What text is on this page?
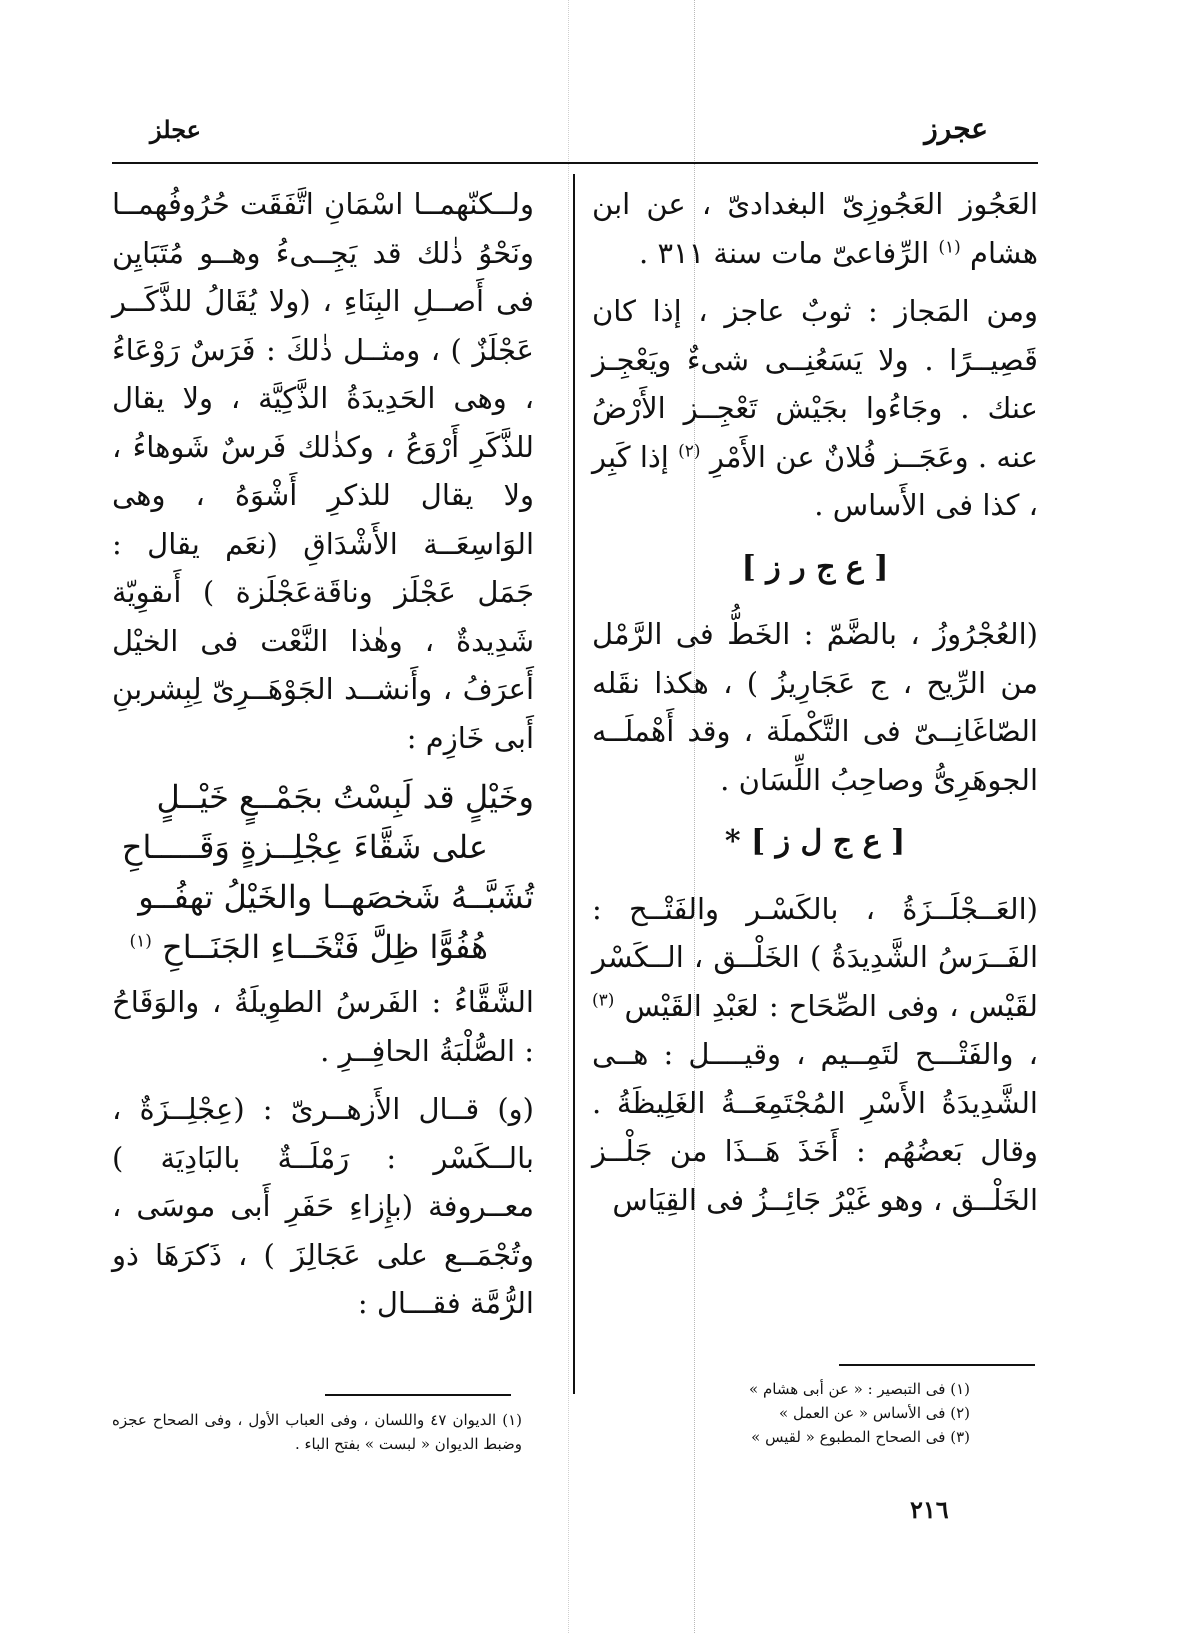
عجرز
عجلز

العَجُوز العَجُوزِىّ البغدادىّ ، عن ابن هشام $^{(١)}$ الرِّفاعىّ مات سنة ٣١١ .

ومن المَجاز : ثوبٌ عاجز ، إذا كان قَصِيــرًا . ولا يَسَعُنِــى شىءٌ ويَعْجِـز عنك . وجَاءُوا بجَيْش تَعْجِــز الأَرْضُ عنه . وعَجَــز فُلانٌ عن الأَمْرِ $^{(٢)}$ إذا كَبِر ، كذا فى الأَساس .

[ ع ج ر ز ]

(العُجْرُوزُ ، بالضَّمّ : الخَطُّ فى الرَّمْل من الرِّيح ، ج عَجَارِيزُ ) ، هكذا نقَله الصّاغَانِــىّ فى التَّكْملَة ، وقد أَهْملَــه الجوهَرِىُّ وصاحِبُ اللِّسَان .

[ ع ج ل ز ] *

(العَــجْلَــزَةُ ، بالكَسْـر والفَتْــح : الفَــرَسُ الشَّدِيدَةُ ) الخَلْــق ، الــكَسْر لقَيْس ، وفى الصِّحَاح : لعَبْدِ القَيْس $^{(٣)}$ ، والفَتْـــح لتَمِــيم ، وقيــــل : هــى الشَّدِيدَةُ الأَسْرِ المُجْتَمِعَــةُ الغَلِيظَةُ . وقال بَعضُهُم : أَخَذَ هَــذَا من جَلْــز الخَلْــق ، وهو غَيْرُ جَائِــزُ فى القِيَاس

ولــكنّهمــا اسْمَانِ اتَّفَقَت حُرُوفُهمــا ونَحْوُ ذٰلك قد يَجِــىءُ وهــو مُتَبَايِن فى أَصــلِ البِنَاءِ ، (ولا يُقَالُ للذَّكَــر عَجْلَزٌ ) ، ومثــل ذٰلكَ : فَرَسٌ رَوْعَاءُ ، وهى الحَدِيدَةُ الذَّكِيَّة ، ولا يقال للذَّكَرِ أَرْوَعُ ، وكذٰلك فَرسٌ شَوهاءُ ، ولا يقال للذكرِ أَشْوَهُ ، وهى الوَاسِعَــة الأَشْدَاقِ (نعَم يقال : جَمَل عَجْلَز وناقَةعَجْلَزة ) أَىقوِيّة شَدِيدةٌ ، وهٰذا النَّعْت فى الخيْل أَعرَفُ ، وأَنشــد الجَوْهَــرِىّ لِبِشربنِ أَبى خَازِم :

وخَيْلٍ قد لَبِسْتُ بجَمْــعٍ خَيْــلٍ

على شَقَّاءَ عِجْلِــزةٍ وَقَـــــاحِ

تُشَبَّــهُ شَخصَهــا والخَيْلُ تهفُــو

هُفُوًّا ظِلَّ فَتْخَــاءِ الجَنَــاحِ $^{(١)}$

الشَّقَّاءُ : الفَرسُ الطوِيلَةُ ، والوَقَاحُ : الصُّلْبَةُ الحافِــرِ .

(و) قــال الأَزهــرىّ : (عِجْلِــزَةٌ ، بالــكَسْر : رَمْلَــةٌ بالبَادِيَة ) معــروفة (بإِزاءِ حَفَرِ أَبى موسَى ، وتُجْمَــع على عَجَالِزَ ) ، ذَكرَهَا ذو الرُّمَّة فقـــال :

(١) فى التبصير : « عن أبى هشام »

(٢) فى الأساس « عن العمل »

(٣) فى الصحاح المطبوع « لقيس »

(١) الديوان ٤٧ واللسان ، وفى العباب الأول ، وفى الصحاح عجزه وضبط الديوان « لبست » بفتح الباء .
٢١٦
